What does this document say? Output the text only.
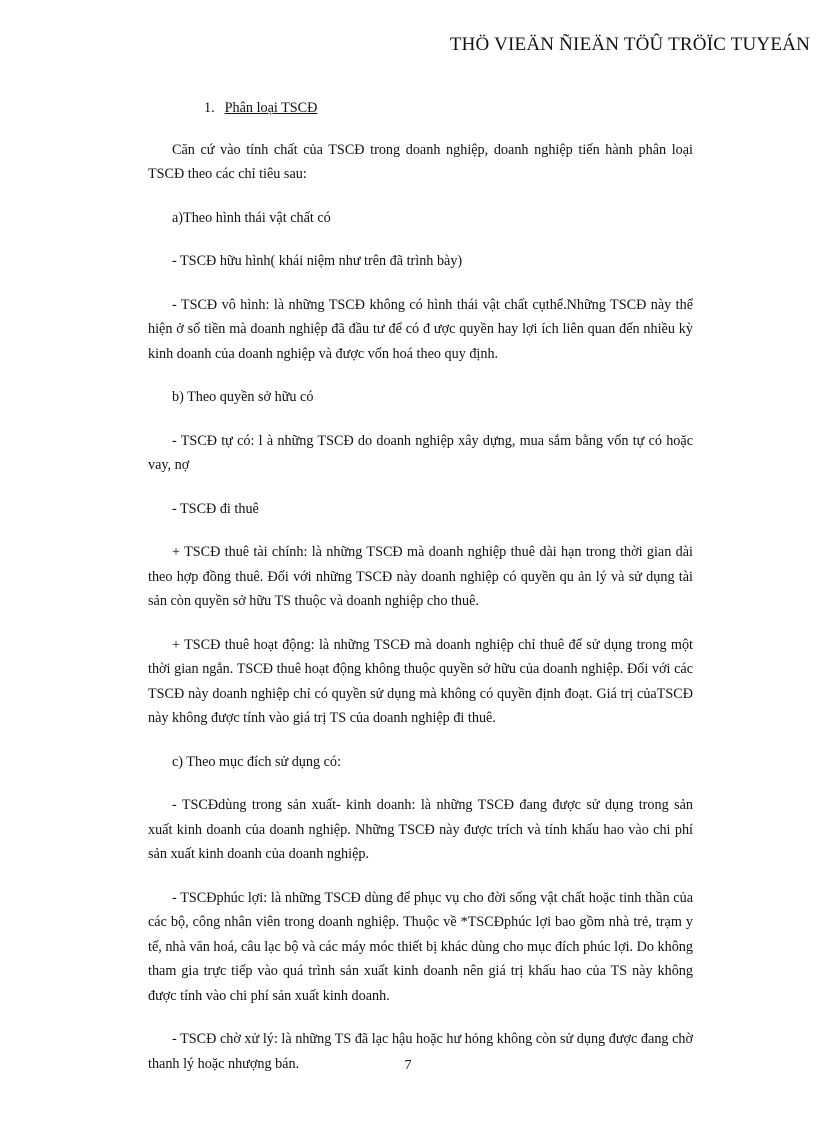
THÖ VIEÄN ÑIEÄN TÖÛ TRÖÏC TUYEÁN

1. Phân loại TSCĐ

Căn cứ vào tính chất của TSCĐ trong doanh nghiệp, doanh nghiệp tiến hành phân loại TSCĐ theo các chỉ tiêu sau:

a)Theo hình thái vật chất có

- TSCĐ hữu hình( khái niệm như trên đã trình bày)

- TSCĐ vô hình: là những TSCĐ không có hình thái vật chất cụthể.Những TSCĐ này thể hiện ở số tiền mà doanh nghiệp đã đầu tư để có đ ược quyền hay lợi ích liên quan đến nhiều kỳ kinh doanh của doanh nghiệp và được vốn hoá theo quy định.

b) Theo quyền sở hữu có

- TSCĐ tự có: l à những TSCĐ do doanh nghiệp xây dựng, mua sắm bằng vốn tự có hoặc vay, nợ

- TSCĐ đi thuê

+ TSCĐ thuê tài chính: là những TSCĐ mà doanh nghiệp thuê dài hạn trong thời gian dài theo hợp đồng thuê. Đối với những TSCĐ này doanh nghiệp có quyền qu ản lý và sử dụng tài sản còn quyền sở hữu TS thuộc và doanh nghiệp cho thuê.

+ TSCĐ thuê hoạt động: là những TSCĐ mà doanh nghiệp chỉ thuê để sử dụng trong một thời gian ngắn. TSCĐ thuê hoạt động không thuộc quyền sở hữu của doanh nghiệp. Đối với các TSCĐ này doanh nghiệp chỉ có quyền sử dụng mà không có quyền định đoạt. Giá trị củaTSCĐ này không được tính vào giá trị TS của doanh nghiệp đi thuê.

c) Theo mục đích sử dụng có:

- TSCĐdùng trong sản xuất- kinh doanh: là những TSCĐ đang được sử dụng trong sản xuất kinh doanh của doanh nghiệp. Những TSCĐ này được trích và tính khấu hao vào chi phí sản xuất kinh doanh của doanh nghiệp.

- TSCĐphúc lợi: là những TSCĐ dùng để phục vụ cho đời sống vật chất hoặc tinh thần của các bộ, công nhân viên trong doanh nghiệp. Thuộc về *TSCĐphúc lợi bao gồm nhà trẻ, trạm y tế, nhà văn hoá, câu lạc bộ và các máy móc thiết bị khác dùng cho mục đích phúc lợi. Do không tham gia trực tiếp vào quá trình sản xuất kinh doanh nên giá trị khấu hao của TS này không được tính vào chi phí sản xuất kinh doanh.

- TSCĐ chờ xử lý: là những TS đã lạc hậu hoặc hư hỏng không còn sử dụng được đang chờ thanh lý hoặc nhượng bán.	7
